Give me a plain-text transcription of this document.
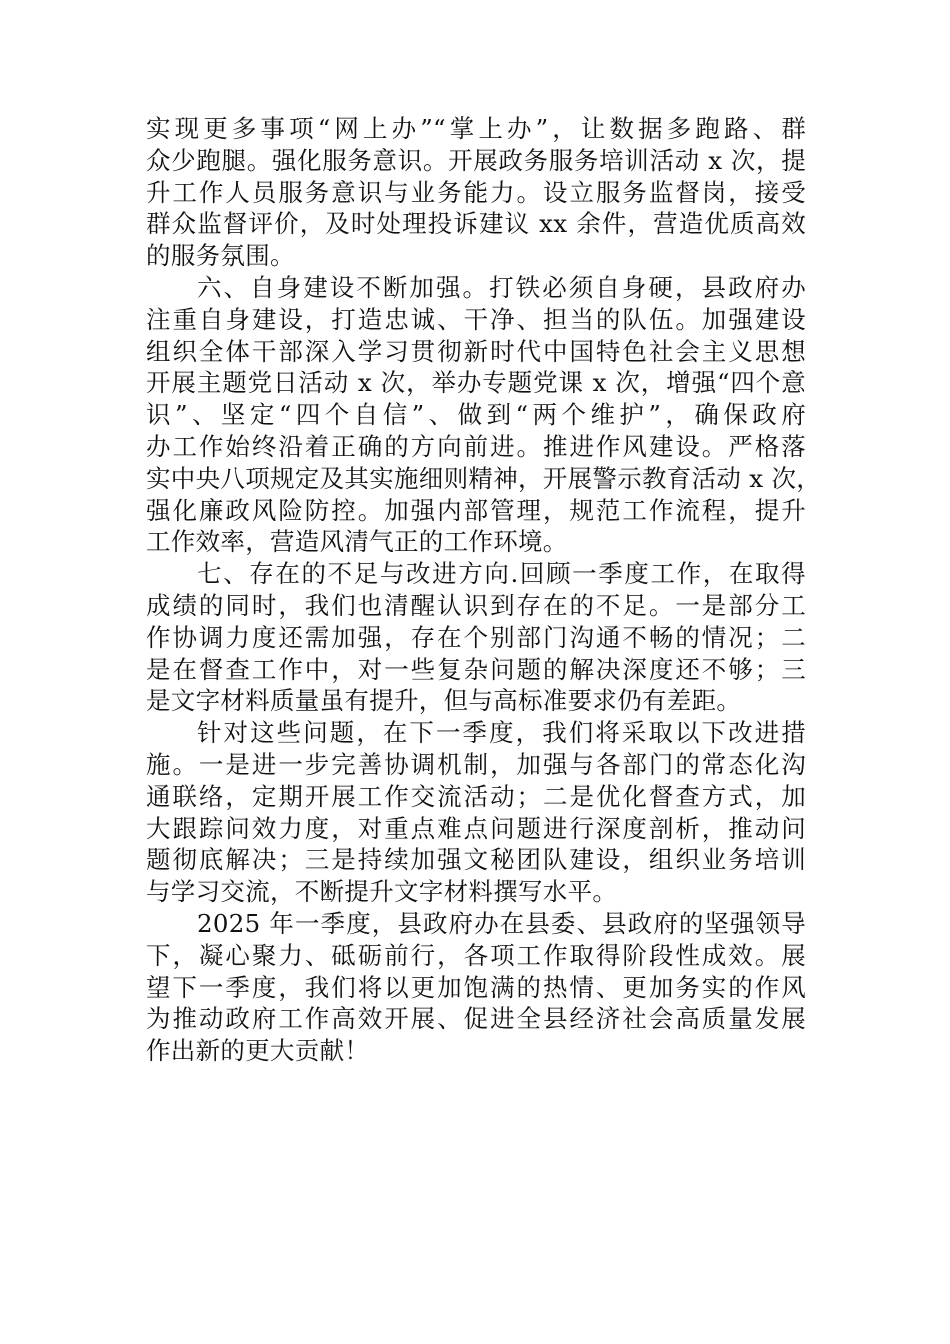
实现更多事项“网上办”“掌上办”，让数据多跑路、群
众少跑腿。强化服务意识。开展政务服务培训活动 x 次，提
升工作人员服务意识与业务能力。设立服务监督岗，接受
群众监督评价，及时处理投诉建议 xx 余件，营造优质高效
的服务氛围。
六、自身建设不断加强。打铁必须自身硬，县政府办
注重自身建设，打造忠诚、干净、担当的队伍。加强建设
组织全体干部深入学习贯彻新时代中国特色社会主义思想
开展主题党日活动 x 次，举办专题党课 x 次，增强“四个意
识”、坚定“四个自信”、做到“两个维护”，确保政府
办工作始终沿着正确的方向前进。推进作风建设。严格落
实中央八项规定及其实施细则精神，开展警示教育活动 x 次，
强化廉政风险防控。加强内部管理，规范工作流程，提升
工作效率，营造风清气正的工作环境。
七、存在的不足与改进方向.回顾一季度工作，在取得
成绩的同时，我们也清醒认识到存在的不足。一是部分工
作协调力度还需加强，存在个别部门沟通不畅的情况；二
是在督查工作中，对一些复杂问题的解决深度还不够；三
是文字材料质量虽有提升，但与高标准要求仍有差距。
针对这些问题，在下一季度，我们将采取以下改进措
施。一是进一步完善协调机制，加强与各部门的常态化沟
通联络，定期开展工作交流活动；二是优化督查方式，加
大跟踪问效力度，对重点难点问题进行深度剖析，推动问
题彻底解决；三是持续加强文秘团队建设，组织业务培训
与学习交流，不断提升文字材料撰写水平。
2025 年一季度，县政府办在县委、县政府的坚强领导
下，凝心聚力、砥砺前行，各项工作取得阶段性成效。展
望下一季度，我们将以更加饱满的热情、更加务实的作风
为推动政府工作高效开展、促进全县经济社会高质量发展
作出新的更大贡献！
